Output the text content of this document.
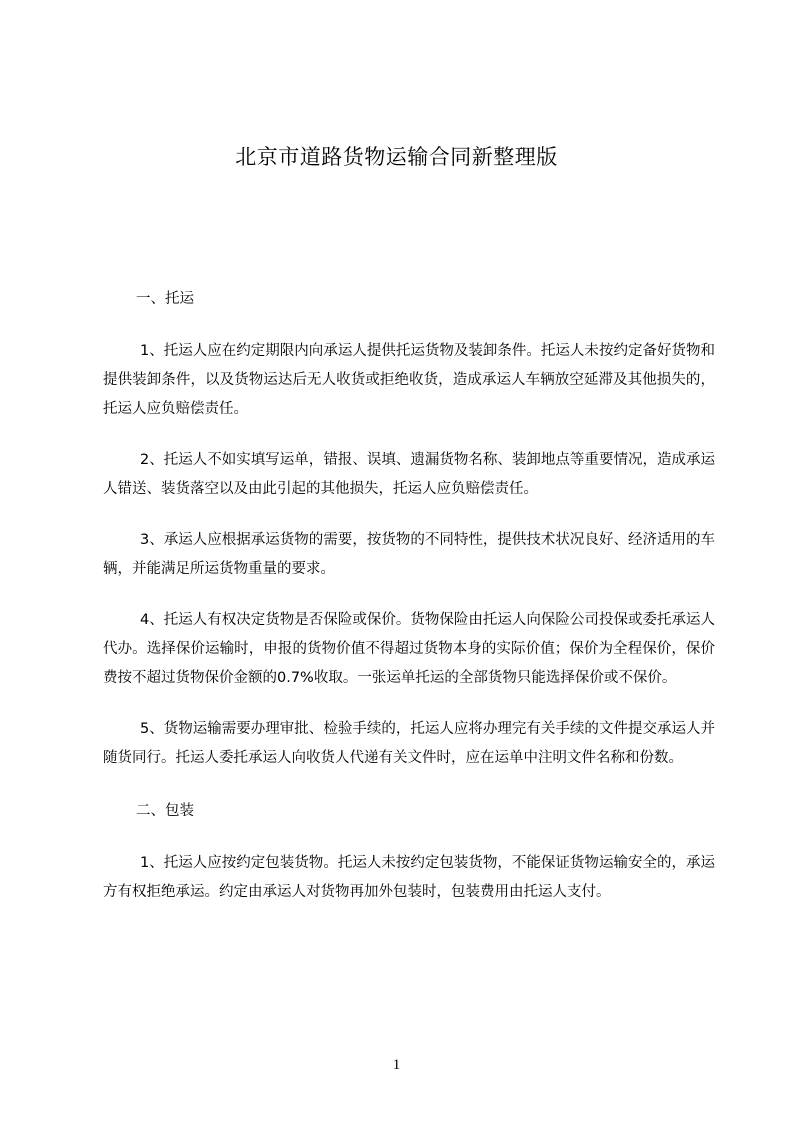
北京市道路货物运输合同新整理版

一、托运

1、托运人应在约定期限内向承运人提供托运货物及装卸条件。托运人未按约定备好货物和提供装卸条件，以及货物运达后无人收货或拒绝收货，造成承运人车辆放空延滞及其他损失的，托运人应负赔偿责任。

2、托运人不如实填写运单，错报、误填、遗漏货物名称、装卸地点等重要情况，造成承运人错送、装货落空以及由此引起的其他损失，托运人应负赔偿责任。

3、承运人应根据承运货物的需要，按货物的不同特性，提供技术状况良好、经济适用的车辆，并能满足所运货物重量的要求。

4、托运人有权决定货物是否保险或保价。货物保险由托运人向保险公司投保或委托承运人代办。选择保价运输时，申报的货物价值不得超过货物本身的实际价值；保价为全程保价，保价费按不超过货物保价金额的0.7%收取。一张运单托运的全部货物只能选择保价或不保价。

5、货物运输需要办理审批、检验手续的，托运人应将办理完有关手续的文件提交承运人并随货同行。托运人委托承运人向收货人代递有关文件时，应在运单中注明文件名称和份数。

二、包装

1、托运人应按约定包装货物。托运人未按约定包装货物，不能保证货物运输安全的，承运方有权拒绝承运。约定由承运人对货物再加外包装时，包装费用由托运人支付。

1
